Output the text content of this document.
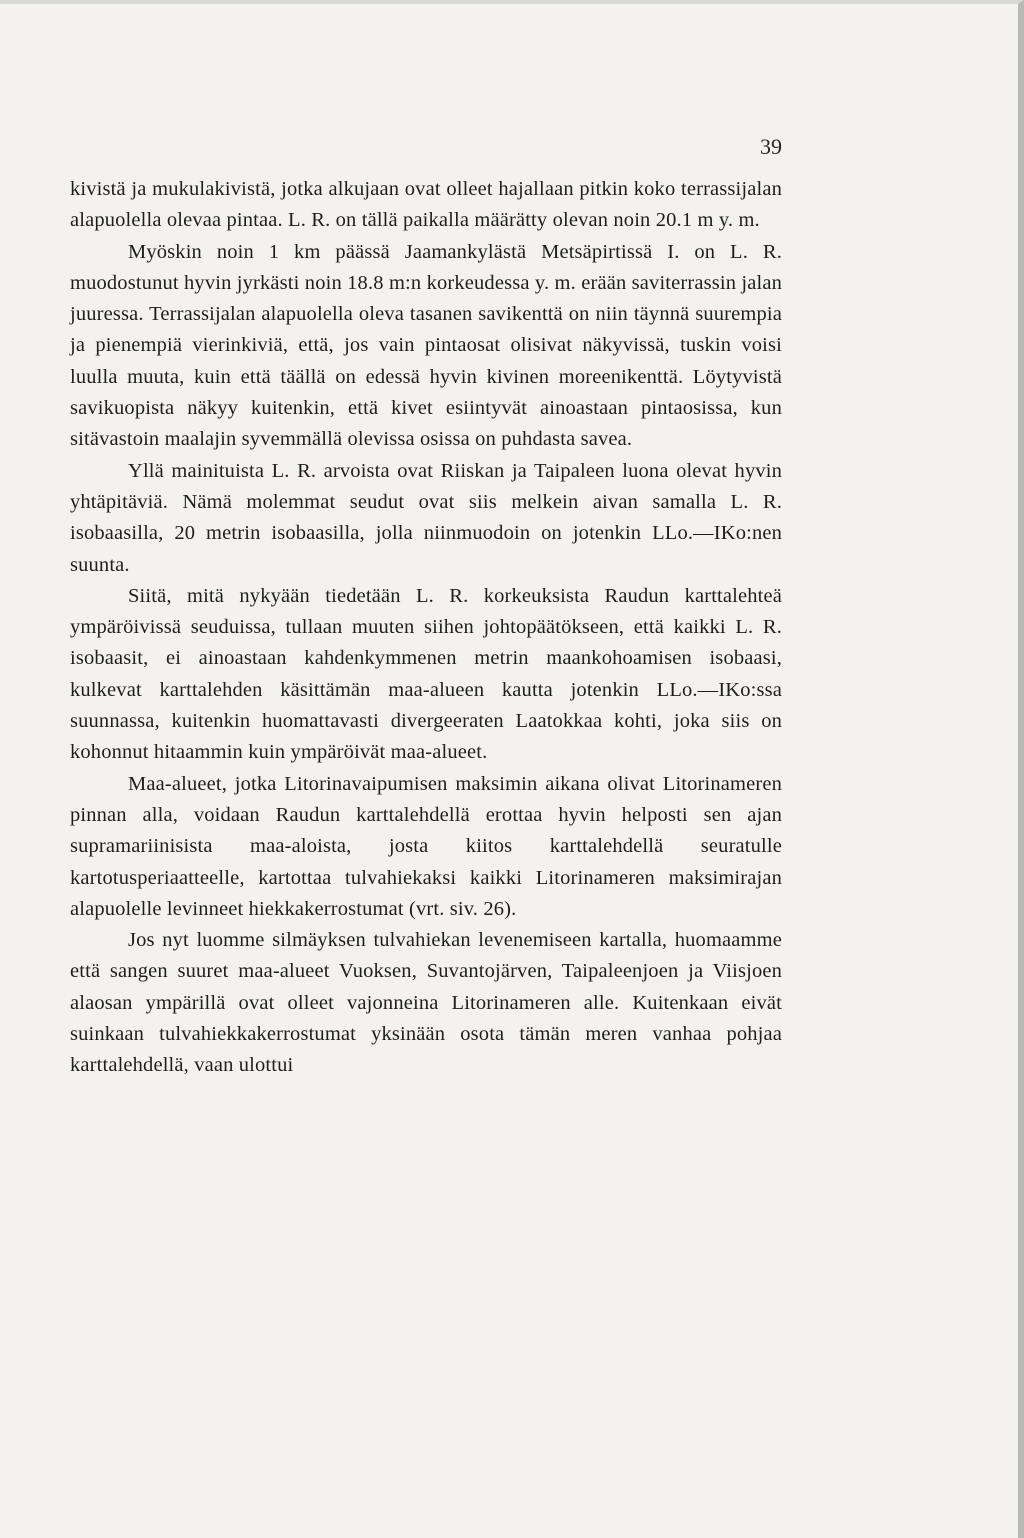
39

kivistä ja mukulakivistä, jotka alkujaan ovat olleet hajallaan pitkin koko terrassijalan alapuolella olevaa pintaa. L. R. on tällä paikalla määrätty olevan noin 20.1 m y. m.

Myöskin noin 1 km päässä Jaamankylästä Metsäpirtissä I. on L. R. muodostunut hyvin jyrkästi noin 18.8 m:n korkeudessa y. m. erään saviterrassin jalan juuressa. Terrassijalan alapuolella oleva tasanen savikenttä on niin täynnä suurempia ja pienempiä vierinkiviä, että, jos vain pintaosat olisivat näkyvissä, tuskin voisi luulla muuta, kuin että täällä on edessä hyvin kivinen moreenikenttä. Löytyvistä savikuopista näkyy kuitenkin, että kivet esiintyvät ainoastaan pintaosissa, kun sitävastoin maalajin syvemmällä olevissa osissa on puhdasta savea.

Yllä mainituista L. R. arvoista ovat Riiskan ja Taipaleen luona olevat hyvin yhtäpitäviä. Nämä molemmat seudut ovat siis melkein aivan samalla L. R. isobaasilla, 20 metrin isobaasilla, jolla niinmuodoin on jotenkin LLo.—IKo:nen suunta.

Siitä, mitä nykyään tiedetään L. R. korkeuksista Raudun karttalehteä ympäröivissä seuduissa, tullaan muuten siihen johtopäätökseen, että kaikki L. R. isobaasit, ei ainoastaan kahdenkymmenen metrin maankohoamisen isobaasi, kulkevat karttalehden käsittämän maa-alueen kautta jotenkin LLo.—IKo:ssa suunnassa, kuitenkin huomattavasti divergeeraten Laatokkaa kohti, joka siis on kohonnut hitaammin kuin ympäröivät maa-alueet.

Maa-alueet, jotka Litorinavaipumisen maksimin aikana olivat Litorinameren pinnan alla, voidaan Raudun karttalehdellä erottaa hyvin helposti sen ajan supramariinisista maa-aloista, josta kiitos karttalehdellä seuratulle kartotusperiaatteelle, kartottaa tulvahiekaksi kaikki Litorinameren maksimirajan alapuolelle levinneet hiekkakerrostumat (vrt. siv. 26).

Jos nyt luomme silmäyksen tulvahiekan levenemiseen kartalla, huomaamme että sangen suuret maa-alueet Vuoksen, Suvantojärven, Taipaleenjoen ja Viisjoen alaosan ympärillä ovat olleet vajonneina Litorinameren alle. Kuitenkaan eivät suinkaan tulvahiekkakerrostumat yksinään osota tämän meren vanhaa pohjaa karttalehdellä, vaan ulottui
